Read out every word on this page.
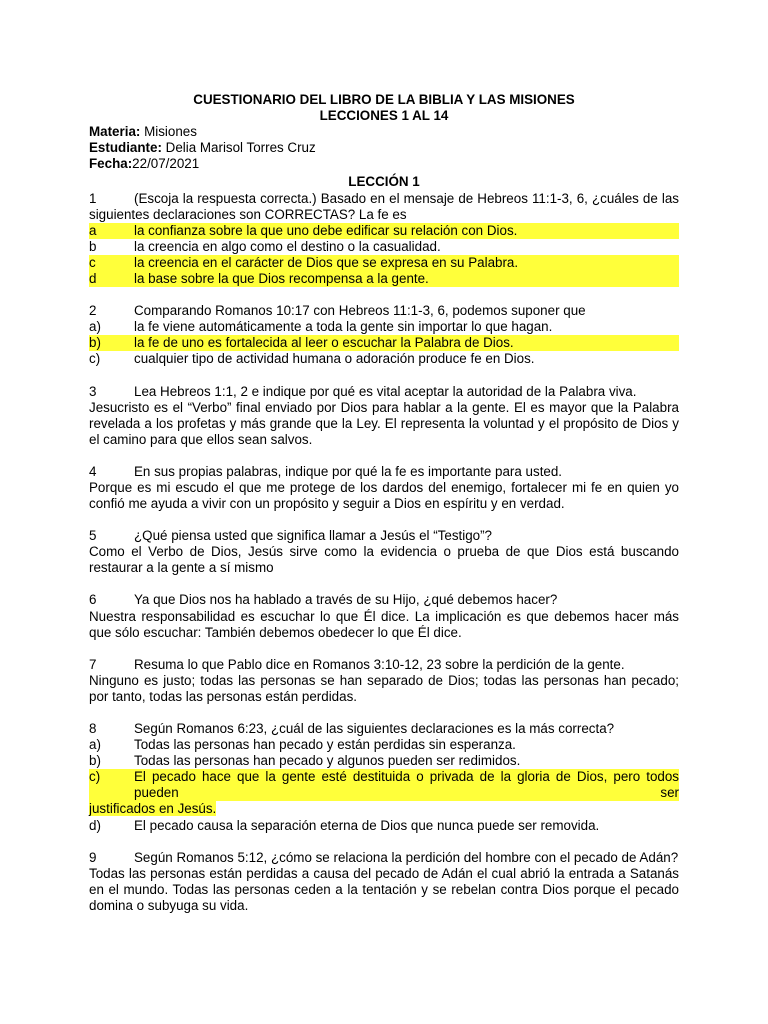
CUESTIONARIO DEL LIBRO DE LA BIBLIA Y LAS MISIONES
LECCIONES 1 AL 14
Materia: Misiones
Estudiante: Delia Marisol Torres Cruz
Fecha:22/07/2021
LECCIÓN 1
1	(Escoja la respuesta correcta.) Basado en el mensaje de Hebreos 11:1-3, 6, ¿cuáles de las
siguientes declaraciones son CORRECTAS? La fe es
a	la confianza sobre la que uno debe edificar su relación con Dios.
b	la creencia en algo como el destino o la casualidad.
c	la creencia en el carácter de Dios que se expresa en su Palabra.
d	la base sobre la que Dios recompensa a la gente.
2	Comparando Romanos 10:17 con Hebreos 11:1-3, 6, podemos suponer que
a)	la fe viene automáticamente a toda la gente sin importar lo que hagan.
b)	la fe de uno es fortalecida al leer o escuchar la Palabra de Dios.
c)	cualquier tipo de actividad humana o adoración produce fe en Dios.
3	Lea Hebreos 1:1, 2 e indique por qué es vital aceptar la autoridad de la Palabra viva.
Jesucristo es el “Verbo” final enviado por Dios para hablar a la gente. El es mayor que la Palabra revelada a los profetas y más grande que la Ley. El representa la voluntad y el propósito de Dios y el camino para que ellos sean salvos.
4	En sus propias palabras, indique por qué la fe es importante para usted.
Porque es mi escudo el que me protege de los dardos del enemigo, fortalecer mi fe en quien yo confió me ayuda a vivir con un propósito y seguir a Dios en espíritu y en verdad.
5	¿Qué piensa usted que significa llamar a Jesús el “Testigo”?
Como el Verbo de Dios, Jesús sirve como la evidencia o prueba de que Dios está buscando restaurar a la gente a sí mismo
6	Ya que Dios nos ha hablado a través de su Hijo, ¿qué debemos hacer?
Nuestra responsabilidad es escuchar lo que Él dice. La implicación es que debemos hacer más que sólo escuchar: También debemos obedecer lo que Él dice.
7	Resuma lo que Pablo dice en Romanos 3:10-12, 23 sobre la perdición de la gente.
Ninguno es justo; todas las personas se han separado de Dios; todas las personas han pecado; por tanto, todas las personas están perdidas.
8	Según Romanos 6:23, ¿cuál de las siguientes declaraciones es la más correcta?
a)	Todas las personas han pecado y están perdidas sin esperanza.
b)	Todas las personas han pecado y algunos pueden ser redimidos.
c)	El pecado hace que la gente esté destituida o privada de la gloria de Dios, pero todos pueden ser
justificados en Jesús.
d)	El pecado causa la separación eterna de Dios que nunca puede ser removida.
9	Según Romanos 5:12, ¿cómo se relaciona la perdición del hombre con el pecado de Adán?
Todas las personas están perdidas a causa del pecado de Adán el cual abrió la entrada a Satanás en el mundo. Todas las personas ceden a la tentación y se rebelan contra Dios porque el pecado domina o subyuga su vida.
